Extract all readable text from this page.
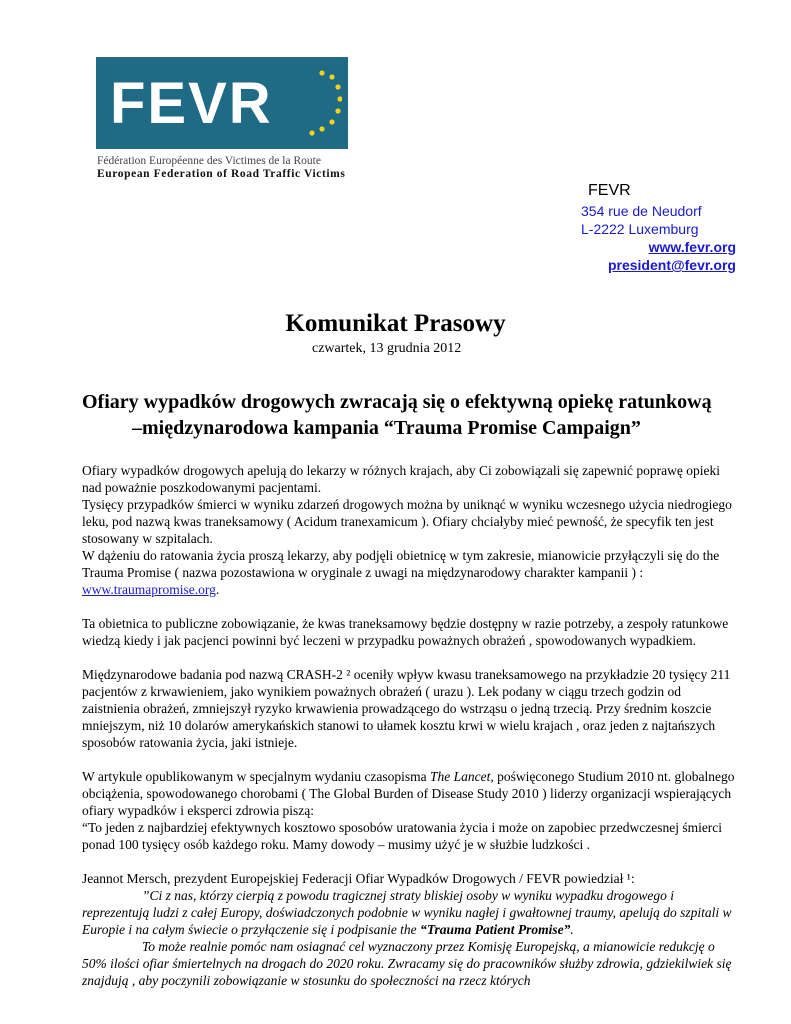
FEVR
Fédération Européenne des Victimes de la Route
European Federation of Road Traffic Victims
FEVR
354 rue de Neudorf
L-2222 Luxemburg
www.fevr.org
president@fevr.org
Komunikat Prasowy
czwartek, 13 grudnia 2012
Ofiary wypadków drogowych zwracają się o efektywną opiekę ratunkową
–międzynarodowa kampania “Trauma Promise Campaign”

Ofiary wypadków drogowych apelują do lekarzy w różnych krajach, aby Ci zobowiązali się zapewnić poprawę opieki nad poważnie poszkodowanymi pacjentami.
Tysięcy przypadków śmierci w wyniku zdarzeń drogowych można by uniknąć w wyniku wczesnego użycia niedrogiego leku, pod nazwą kwas traneksamowy ( Acidum tranexamicum ). Ofiary chciałyby mieć pewność, że specyfik ten jest stosowany w szpitalach.
W dążeniu do ratowania życia proszą lekarzy, aby podjęli obietnicę w tym zakresie, mianowicie przyłączyli się do the Trauma Promise ( nazwa pozostawiona w oryginale z uwagi na międzynarodowy charakter kampanii ) :
www.traumapromise.org.

Ta obietnica to publiczne zobowiązanie, że kwas traneksamowy będzie dostępny w razie potrzeby, a zespoły ratunkowe wiedzą kiedy i jak pacjenci powinni być leczeni w przypadku poważnych obrażeń , spowodowanych wypadkiem.

Międzynarodowe badania pod nazwą CRASH-2 ² oceniły wpływ kwasu traneksamowego na przykładzie 20 tysięcy 211 pacjentów z krwawieniem, jako wynikiem poważnych obrażeń ( urazu ). Lek podany w ciągu trzech godzin od zaistnienia obrażeń, zmniejszył ryzyko krwawienia prowadzącego do wstrząsu o jedną trzecią. Przy średnim koszcie mniejszym, niż 10 dolarów amerykańskich stanowi to ułamek kosztu krwi w wielu krajach , oraz jeden z najtańszych sposobów ratowania życia, jaki istnieje.

W artykule opublikowanym w specjalnym wydaniu czasopisma The Lancet, poświęconego Studium 2010 nt. globalnego obciążenia, spowodowanego chorobami ( The Global Burden of Disease Study 2010 ) liderzy organizacji wspierających ofiary wypadków i eksperci zdrowia piszą:
“To jeden z najbardziej efektywnych kosztowo sposobów uratowania życia i może on zapobiec przedwczesnej śmierci ponad 100 tysięcy osób każdego roku. Mamy dowody – musimy użyć je w służbie ludzkości .

Jeannot Mersch, prezydent Europejskiej Federacji Ofiar Wypadków Drogowych / FEVR powiedział ¹:
”Ci z nas, którzy cierpią z powodu tragicznej straty bliskiej osoby w wyniku wypadku drogowego i reprezentują ludzi z całej Europy, doświadczonych podobnie w wyniku nagłej i gwałtownej traumy, apelują do szpitali w Europie i na całym świecie o przyłączenie się i podpisanie the “Trauma Patient Promise”.
To może realnie pomóc nam osiagnać cel wyznaczony przez Komisję Europejską, a mianowicie redukcję o 50% ilości ofiar śmiertelnych na drogach do 2020 roku. Zwracamy się do pracowników służby zdrowia, gdziekilwiek się znajdują , aby poczynili zobowiązanie w stosunku do społeczności na rzecz których
